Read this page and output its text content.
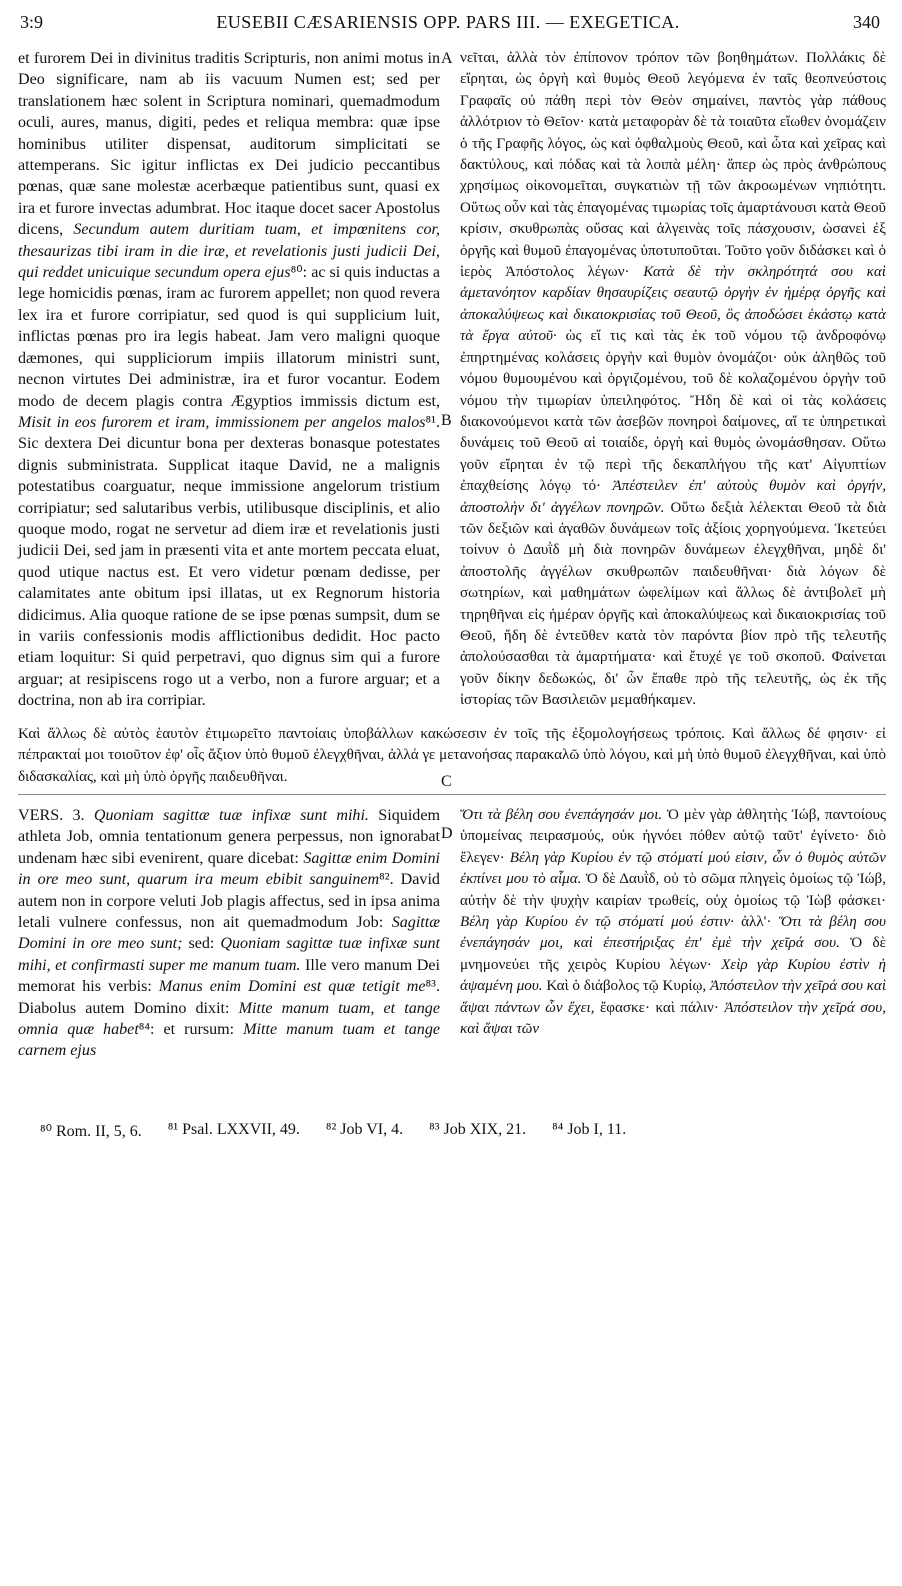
3:9	EUSEBII CÆSARIENSIS OPP. PARS III. — EXEGETICA.	340

et furorem Dei in divinitus traditis Scripturis, non animi motus in Deo significare, nam ab iis vacuum Numen est; sed per translationem hæc solent in Scriptura nominari, quemadmodum oculi, aures, manus, digiti, pedes et reliqua membra: quæ ipse hominibus utiliter dispensat, auditorum simplicitati se attemperans. Sic igitur inflictas ex Dei judicio peccantibus pœnas, quæ sane molestæ acerbæque patientibus sunt, quasi ex ira et furore invectas adumbrat. Hoc itaque docet sacer Apostolus dicens, Secundum autem duritiam tuam, et impœnitens cor, thesaurizas tibi iram in die iræ, et revelationis justi judicii Dei, qui reddet unicuique secundum opera ejus⁸⁰: ac si quis inductas a lege homicidis pœnas, iram ac furorem appellet; non quod revera lex ira et furore corripiatur, sed quod is qui supplicium luit, inflictas pœnas pro ira legis habeat. Jam vero maligni quoque dæmones, qui suppliciorum impiis illatorum ministri sunt, necnon virtutes Dei administræ, ira et furor vocantur. Eodem modo de decem plagis contra Ægyptios immissis dictum est, Misit in eos furorem et iram, immissionem per angelos malos⁸¹. Sic dextera Dei dicuntur bona per dexteras bonasque potestates dignis subministrata. Supplicat itaque David, ne a malignis potestatibus coarguatur, neque immissione angelorum tristium corripiatur; sed salutaribus verbis, utilibusque disciplinis, et alio quoque modo, rogat ne servetur ad diem iræ et revelationis justi judicii Dei, sed jam in præsenti vita et ante mortem peccata eluat, quod utique nactus est. Et vero videtur pœnam dedisse, per calamitates ante obitum ipsi illatas, ut ex Regnorum historia didicimus. Alia quoque ratione de se ipse pœnas sumpsit, dum se in variis confessionis modis afflictionibus dedidit. Hoc pacto etiam loquitur: Si quid perpetravi, quo dignus sim qui a furore arguar; at resipiscens rogo ut a verbo, non a furore arguar; et a doctrina, non ab ira corripiar.

A
B
C

νεῖται, ἀλλὰ τὸν ἐπίπονον τρόπον τῶν βοηθημάτων. Πολλάκις δὲ εἴρηται, ὡς ὀργὴ καὶ θυμὸς Θεοῦ λεγόμενα ἐν ταῖς θεοπνεύστοις Γραφαῖς οὐ πάθη περὶ τὸν Θεὸν σημαίνει, παντὸς γὰρ πάθους ἀλλότριον τὸ Θεῖον· κατὰ μεταφορὰν δὲ τὰ τοιαῦτα εἴωθεν ὀνομάζειν ὁ τῆς Γραφῆς λόγος, ὡς καὶ ὀφθαλμοὺς Θεοῦ, καὶ ὦτα καὶ χεῖρας καὶ δακτύλους, καὶ πόδας καὶ τὰ λοιπὰ μέλη· ἅπερ ὡς πρὸς ἀνθρώπους χρησίμως οἰκονομεῖται, συγκατιὼν τῇ τῶν ἀκροωμένων νηπιότητι. Οὕτως οὖν καὶ τὰς ἐπαγομένας τιμωρίας τοῖς ἁμαρτάνουσι κατὰ Θεοῦ κρίσιν, σκυθρωπὰς οὔσας καὶ ἀλγεινὰς τοῖς πάσχουσιν, ὡσανεὶ ἐξ ὀργῆς καὶ θυμοῦ ἐπαγομένας ὑποτυποῦται. Τοῦτο γοῦν διδάσκει καὶ ὁ ἱερὸς Ἀπόστολος λέγων· Κατὰ δὲ τὴν σκληρότητά σου καὶ ἀμετανόητον καρδίαν θησαυρίζεις σεαυτῷ ὀργὴν ἐν ἡμέρᾳ ὀργῆς καὶ ἀποκαλύψεως καὶ δικαιοκρισίας τοῦ Θεοῦ, ὃς ἀποδώσει ἑκάστῳ κατὰ τὰ ἔργα αὐτοῦ· ὡς εἴ τις καὶ τὰς ἐκ τοῦ νόμου τῷ ἀνδροφόνῳ ἐπηρτημένας κολάσεις ὀργὴν καὶ θυμὸν ὀνομάζοι· οὐκ ἀληθῶς τοῦ νόμου θυμουμένου καὶ ὀργιζομένου, τοῦ δὲ κολαζομένου ὀργὴν τοῦ νόμου τὴν τιμωρίαν ὑπειληφότος. Ἤδη δὲ καὶ οἱ τὰς κολάσεις διακονούμενοι κατὰ τῶν ἀσεβῶν πονηροὶ δαίμονες, αἵ τε ὑπηρετικαὶ δυνάμεις τοῦ Θεοῦ αἱ τοιαίδε, ὀργὴ καὶ θυμὸς ὠνομάσθησαν. Οὕτω γοῦν εἴρηται ἐν τῷ περὶ τῆς δεκαπλήγου τῆς κατ' Αἰγυπτίων ἐπαχθείσης λόγῳ τό· Ἀπέστειλεν ἐπ' αὐτοὺς θυμὸν καὶ ὀργήν, ἀποστολὴν δι' ἀγγέλων πονηρῶν. Οὕτω δεξιὰ λέλεκται Θεοῦ τὰ διὰ τῶν δεξιῶν καὶ ἀγαθῶν δυνάμεων τοῖς ἀξίοις χορηγούμενα. Ἱκετεύει τοίνυν ὁ Δαυῒδ μὴ διὰ πονηρῶν δυνάμεων ἐλεγχθῆναι, μηδὲ δι' ἀποστολῆς ἀγγέλων σκυθρωπῶν παιδευθῆναι· διὰ λόγων δὲ σωτηρίων, καὶ μαθημάτων ὠφελίμων καὶ ἄλλως δὲ ἀντιβολεῖ μὴ τηρηθῆναι εἰς ἡμέραν ὀργῆς καὶ ἀποκαλύψεως καὶ δικαιοκρισίας τοῦ Θεοῦ, ἤδη δὲ ἐντεῦθεν κατὰ τὸν παρόντα βίον πρὸ τῆς τελευτῆς ἀπολούσασθαι τὰ ἁμαρτήματα· καὶ ἔτυχέ γε τοῦ σκοποῦ. Φαίνεται γοῦν δίκην δεδωκώς, δι' ὧν ἔπαθε πρὸ τῆς τελευτῆς, ὡς ἐκ τῆς ἱστορίας τῶν Βασιλειῶν μεμαθήκαμεν.

Καὶ ἄλλως δὲ αὐτὸς ἑαυτὸν ἐτιμωρεῖτο παντοίαις ὑποβάλλων κακώσεσιν ἐν τοῖς τῆς ἐξομολογήσεως τρόποις. Καὶ ἄλλως δέ φησιν· εἰ πέπρακταί μοι τοιοῦτον ἐφ' οἷς ἄξιον ὑπὸ θυμοῦ ἐλεγχθῆναι, ἀλλά γε μετανοήσας παρακαλῶ ὑπὸ λόγου, καὶ μὴ ὑπὸ θυμοῦ ἐλεγχθῆναι, καὶ ὑπὸ διδασκαλίας, καὶ μὴ ὑπὸ ὀργῆς παιδευθῆναι.

VERS. 3. Quoniam sagittæ tuæ infixæ sunt mihi. Siquidem athleta Job, omnia tentationum genera perpessus, non ignorabat undenam hæc sibi evenirent, quare dicebat: Sagittæ enim Domini in ore meo sunt, quarum ira meum ebibit sanguinem⁸². David autem non in corpore veluti Job plagis affectus, sed in ipsa anima letali vulnere confessus, non ait quemadmodum Job: Sagittæ Domini in ore meo sunt; sed: Quoniam sagittæ tuæ infixæ sunt mihi, et confirmasti super me manum tuam. Ille vero manum Dei memorat his verbis: Manus enim Domini est quæ tetigit me⁸³. Diabolus autem Domino dixit: Mitte manum tuam, et tange omnia quæ habet⁸⁴: et rursum: Mitte manum tuam et tange carnem ejus

D

Ὅτι τὰ βέλη σου ἐνεπάγησάν μοι. Ὁ μὲν γὰρ ἀθλητὴς Ἰώβ, παντοίους ὑπομείνας πειρασμούς, οὐκ ἠγνόει πόθεν αὐτῷ ταῦτ' ἐγίνετο· διὸ ἔλεγεν· Βέλη γὰρ Κυρίου ἐν τῷ στόματί μού εἰσιν, ὧν ὁ θυμὸς αὐτῶν ἐκπίνει μου τὸ αἷμα. Ὁ δὲ Δαυῒδ, οὐ τὸ σῶμα πληγεὶς ὁμοίως τῷ Ἰώβ, αὐτὴν δὲ τὴν ψυχὴν καιρίαν τρωθείς, οὐχ ὁμοίως τῷ Ἰὼβ φάσκει· Βέλη γὰρ Κυρίου ἐν τῷ στόματί μού ἐστιν· ἀλλ'· Ὅτι τὰ βέλη σου ἐνεπάγησάν μοι, καὶ ἐπεστήριξας ἐπ' ἐμὲ τὴν χεῖρά σου. Ὁ δὲ μνημονεύει τῆς χειρὸς Κυρίου λέγων· Χεὶρ γὰρ Κυρίου ἐστὶν ἡ ἁψαμένη μου. Καὶ ὁ διάβολος τῷ Κυρίῳ, Ἀπόστειλον τὴν χεῖρά σου καὶ ἅψαι πάντων ὧν ἔχει, ἔφασκε· καὶ πάλιν· Ἀπόστειλον τὴν χεῖρά σου, καὶ ἅψαι τῶν

⁸⁰ Rom. II, 5, 6. ⁸¹ Psal. LXXVII, 49. ⁸² Job VI, 4. ⁸³ Job XIX, 21. ⁸⁴ Job I, 11.
